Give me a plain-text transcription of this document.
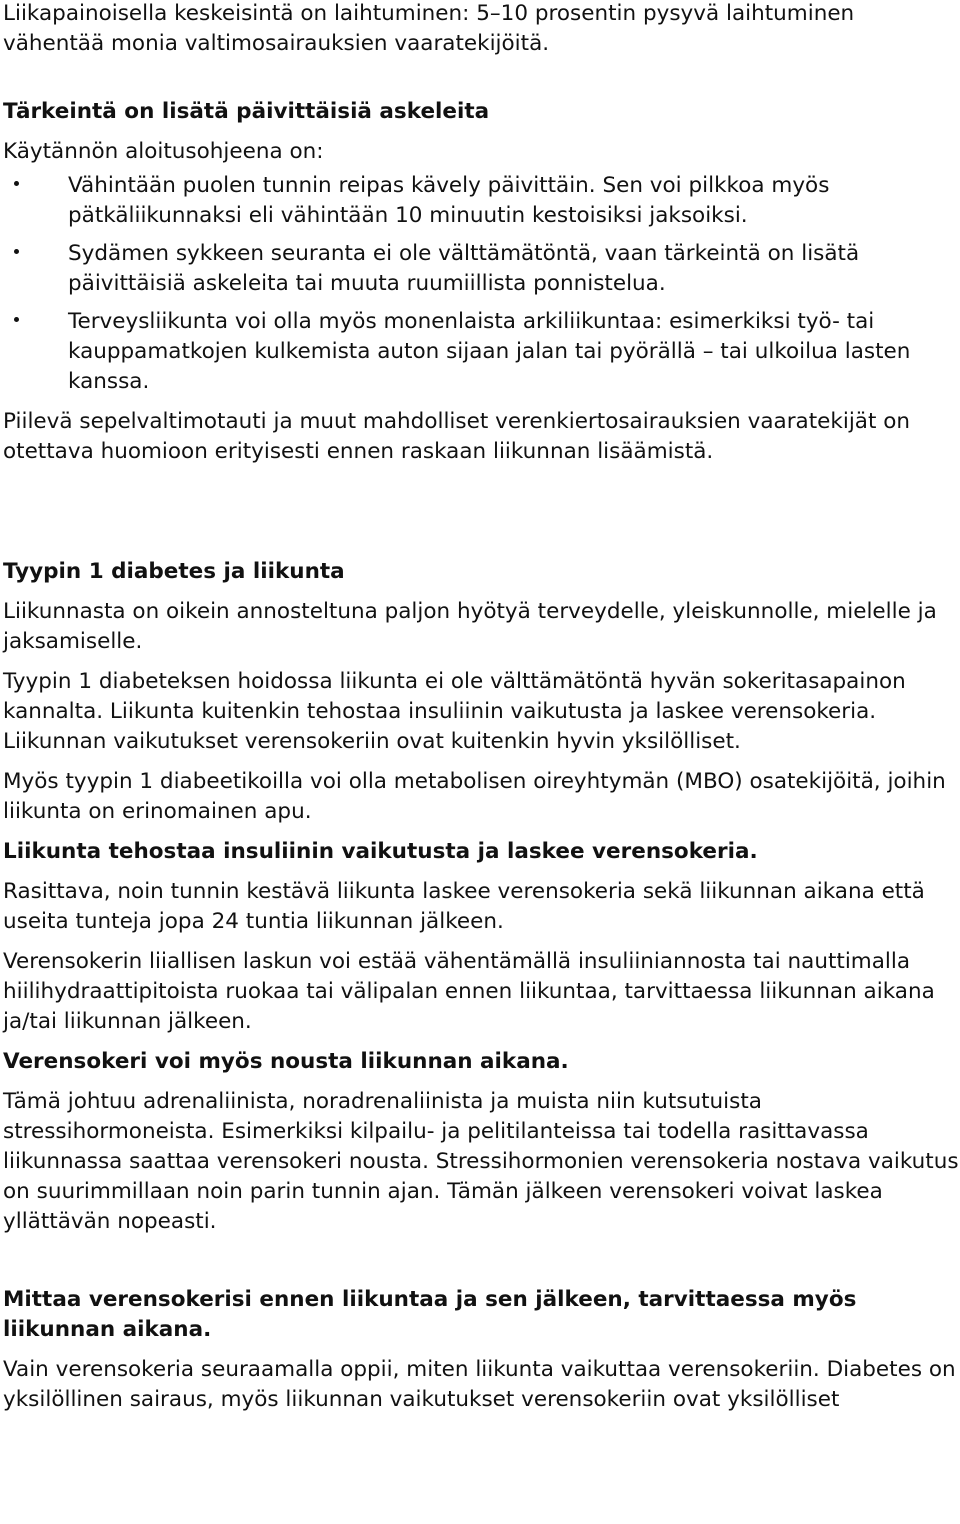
Liikapainoisella keskeisintä on laihtuminen: 5–10 prosentin pysyvä laihtuminen vähentää monia valtimosairauksien vaaratekijöitä.

Tärkeintä on lisätä päivittäisiä askeleita

Käytännön aloitusohjeena on:

Vähintään puolen tunnin reipas kävely päivittäin. Sen voi pilkkoa myös pätkäliikunnaksi eli vähintään 10 minuutin kestoisiksi jaksoiksi.
Sydämen sykkeen seuranta ei ole välttämätöntä, vaan tärkeintä on lisätä päivittäisiä askeleita tai muuta ruumiillista ponnistelua.
Terveysliikunta voi olla myös monenlaista arkiliikuntaa: esimerkiksi työ- tai kauppamatkojen kulkemista auton sijaan jalan tai pyörällä – tai ulkoilua lasten kanssa.

Piilevä sepelvaltimotauti ja muut mahdolliset verenkiertosairauksien vaaratekijät on otettava huomioon erityisesti ennen raskaan liikunnan lisäämistä.

Tyypin 1 diabetes ja liikunta

Liikunnasta on oikein annosteltuna paljon hyötyä terveydelle, yleiskunnolle, mielelle ja jaksamiselle.

Tyypin 1 diabeteksen hoidossa liikunta ei ole välttämätöntä hyvän sokeritasapainon kannalta. Liikunta kuitenkin tehostaa insuliinin vaikutusta ja laskee verensokeria. Liikunnan vaikutukset verensokeriin ovat kuitenkin hyvin yksilölliset.

Myös tyypin 1 diabeetikoilla voi olla metabolisen oireyhtymän (MBO) osatekijöitä, joihin liikunta on erinomainen apu.

Liikunta tehostaa insuliinin vaikutusta ja laskee verensokeria.

Rasittava, noin tunnin kestävä liikunta laskee verensokeria sekä liikunnan aikana että useita tunteja jopa 24 tuntia liikunnan jälkeen.

Verensokerin liiallisen laskun voi estää vähentämällä insuliiniannosta tai nauttimalla hiilihydraattipitoista ruokaa tai välipalan ennen liikuntaa, tarvittaessa liikunnan aikana ja/tai liikunnan jälkeen.

Verensokeri voi myös nousta liikunnan aikana.

Tämä johtuu adrenaliinista, noradrenaliinista ja muista niin kutsutuista stressihormoneista. Esimerkiksi kilpailu- ja pelitilanteissa tai todella rasittavassa liikunnassa saattaa verensokeri nousta. Stressihormonien verensokeria nostava vaikutus on suurimmillaan noin parin tunnin ajan. Tämän jälkeen verensokeri voivat laskea yllättävän nopeasti.

Mittaa verensokerisi ennen liikuntaa ja sen jälkeen, tarvittaessa myös liikunnan aikana.

Vain verensokeria seuraamalla oppii, miten liikunta vaikuttaa verensokeriin. Diabetes on yksilöllinen sairaus, myös liikunnan vaikutukset verensokeriin ovat yksilölliset
